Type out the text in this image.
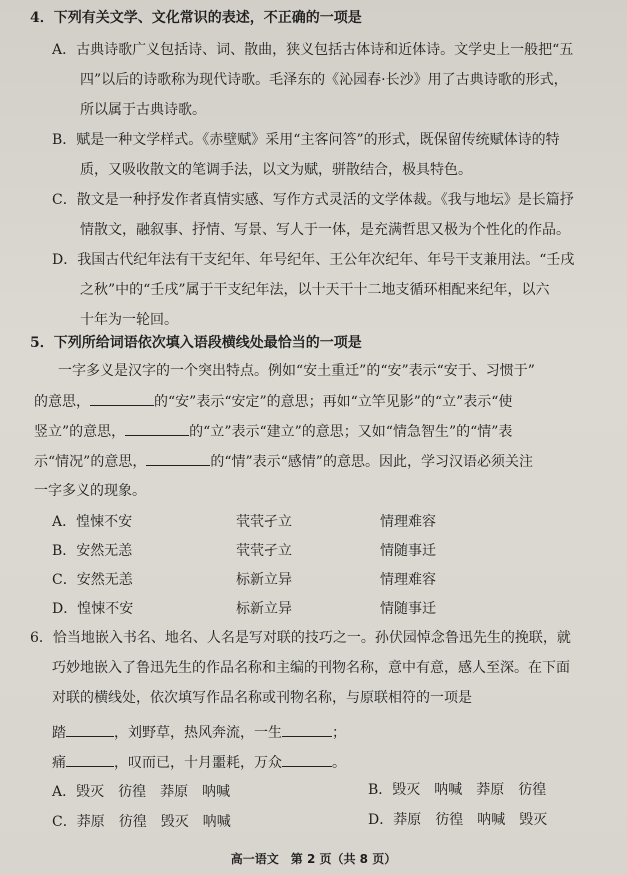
4．下列有关文学、文化常识的表述，不正确的一项是
A．古典诗歌广义包括诗、词、散曲，狭义包括古体诗和近体诗。文学史上一般把“五
四”以后的诗歌称为现代诗歌。毛泽东的《沁园春·长沙》用了古典诗歌的形式，
所以属于古典诗歌。
B．赋是一种文学样式。《赤壁赋》采用“主客问答”的形式，既保留传统赋体诗的特
质，又吸收散文的笔调手法，以文为赋，骈散结合，极具特色。
C．散文是一种抒发作者真情实感、写作方式灵活的文学体裁。《我与地坛》是长篇抒
情散文，融叙事、抒情、写景、写人于一体，是充满哲思又极为个性化的作品。
D．我国古代纪年法有干支纪年、年号纪年、王公年次纪年、年号干支兼用法。“壬戌
之秋”中的“壬戌”属于干支纪年法，以十天干十二地支循环相配来纪年，以六
十年为一轮回。
5．下列所给词语依次填入语段横线处最恰当的一项是
一字多义是汉字的一个突出特点。例如“安土重迁”的“安”表示“安于、习惯于”
的意思，	的“安”表示“安定”的意思；再如“立竿见影”的“立”表示“使
竖立”的意思，	的“立”表示“建立”的意思；又如“情急智生”的“情”表
示“情况”的意思，	的“情”表示“感情”的意思。因此，学习汉语必须关注
一字多义的现象。
A．惶悚不安	茕茕孑立	情理难容
B．安然无恙	茕茕孑立	情随事迁
C．安然无恙	标新立异	情理难容
D．惶悚不安	标新立异	情随事迁
6．恰当地嵌入书名、地名、人名是写对联的技巧之一。孙伏园悼念鲁迅先生的挽联，就
巧妙地嵌入了鲁迅先生的作品名称和主编的刊物名称，意中有意，感人至深。在下面
对联的横线处，依次填写作品名称或刊物名称，与原联相符的一项是
踏	，刘野草，热风奔流，一生	；
痛	，叹而已，十月噩耗，万众	。
A．毁灭　彷徨　莽原　呐喊	B．毁灭　呐喊　莽原　彷徨
C．莽原　彷徨　毁灭　呐喊	D．莽原　彷徨　呐喊　毁灭
高一语文　第 2 页（共 8 页）
